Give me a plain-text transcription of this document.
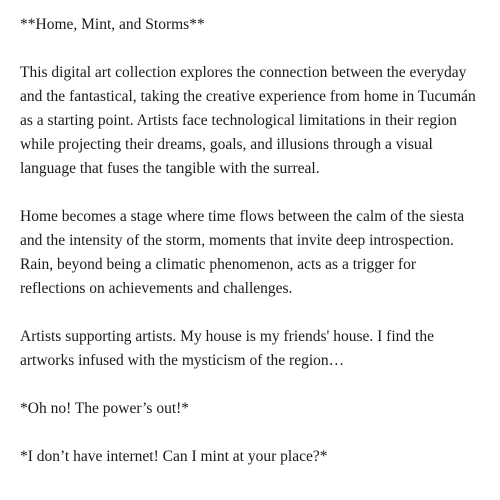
**Home, Mint, and Storms**

This digital art collection explores the connection between the everyday and the fantastical, taking the creative experience from home in Tucumán as a starting point. Artists face technological limitations in their region while projecting their dreams, goals, and illusions through a visual language that fuses the tangible with the surreal.

Home becomes a stage where time flows between the calm of the siesta and the intensity of the storm, moments that invite deep introspection. Rain, beyond being a climatic phenomenon, acts as a trigger for reflections on achievements and challenges.

Artists supporting artists. My house is my friends' house. I find the artworks infused with the mysticism of the region…

*Oh no! The power’s out!*

*I don’t have internet! Can I mint at your place?*
